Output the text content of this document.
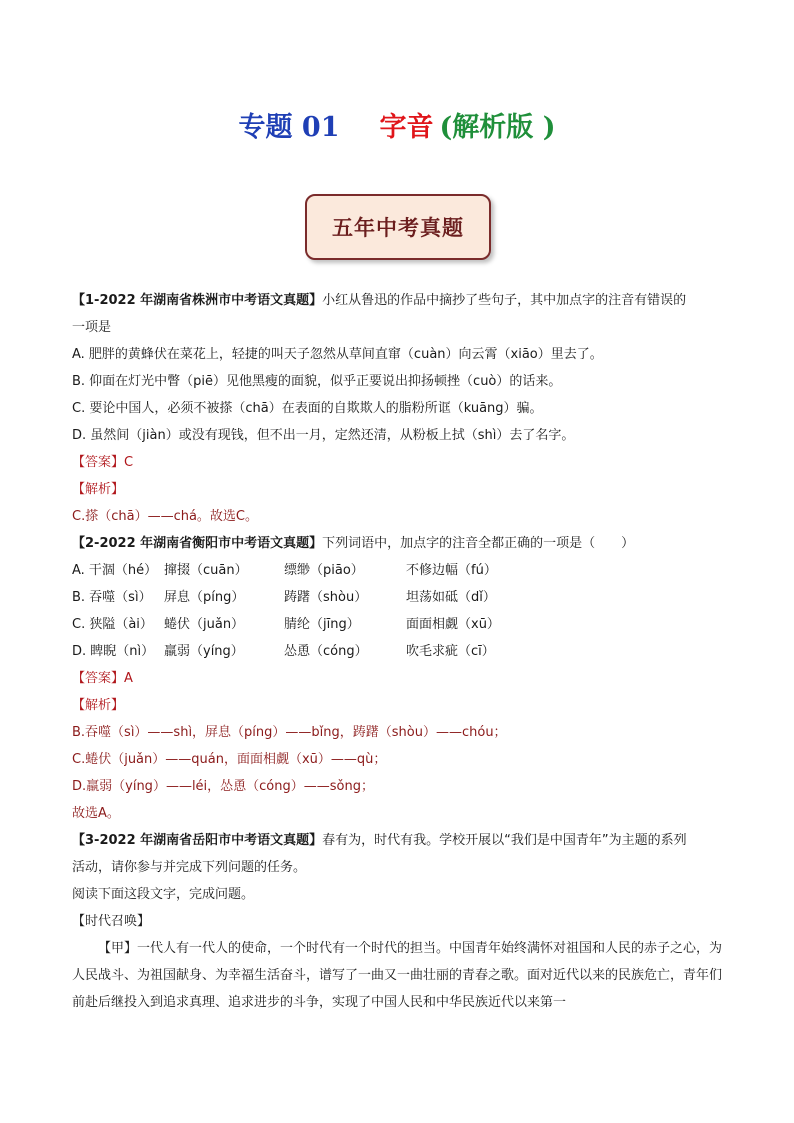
专题 01 字音 (解析版 )
五年中考真题
【1-2022 年湖南省株洲市中考语文真题】小红从鲁迅的作品中摘抄了些句子，其中加点字的注音有错误的
一项是
A. 肥胖的黄蜂伏在菜花上，轻捷的叫天子忽然从草间直窜（cuàn）向云霄（xiāo）里去了。
B. 仰面在灯光中瞥（piē）见他黑瘦的面貌，似乎正要说出抑扬顿挫（cuò）的话来。
C. 要论中国人，必须不被搽（chā）在表面的自欺欺人的脂粉所诓（kuāng）骗。
D. 虽然间（jiàn）或没有现钱，但不出一月，定然还清，从粉板上拭（shì）去了名字。
【答案】C
【解析】
C.搽（chā）——chá。故选C。
【2-2022 年湖南省衡阳市中考语文真题】下列词语中，加点字的注音全都正确的一项是（　　）
A. 干涸（hé） 撺掇（cuān）	缥缈（piāo）	不修边幅（fú）
B. 吞噬（sì） 屏息（píng）	踌躇（shòu）	坦荡如砥（dǐ）
C. 狭隘（ài） 蜷伏（juǎn）	腈纶（jīng）	面面相觑（xū）
D. 睥睨（nì） 羸弱（yíng）	怂恿（cóng）	吹毛求疵（cī）
【答案】A
【解析】
B.吞噬（sì）——shì，屏息（píng）——bǐng，踌躇（shòu）——chóu；
C.蜷伏（juǎn）——quán，面面相觑（xū）——qù；
D.羸弱（yíng）——léi，怂恿（cóng）——sǒng；
故选A。
【3-2022 年湖南省岳阳市中考语文真题】春有为，时代有我。学校开展以“我们是中国青年”为主题的系列
活动，请你参与并完成下列问题的任务。
阅读下面这段文字，完成问题。
【时代召唤】
【甲】一代人有一代人的使命，一个时代有一个时代的担当。中国青年始终满怀对祖国和人民的赤子之心，为人民战斗、为祖国献身、为幸福生活奋斗，谱写了一曲又一曲壮丽的青春之歌。面对近代以来的民族危亡，青年们前赴后继投入到追求真理、追求进步的斗争，实现了中国人民和中华民族近代以来第一
